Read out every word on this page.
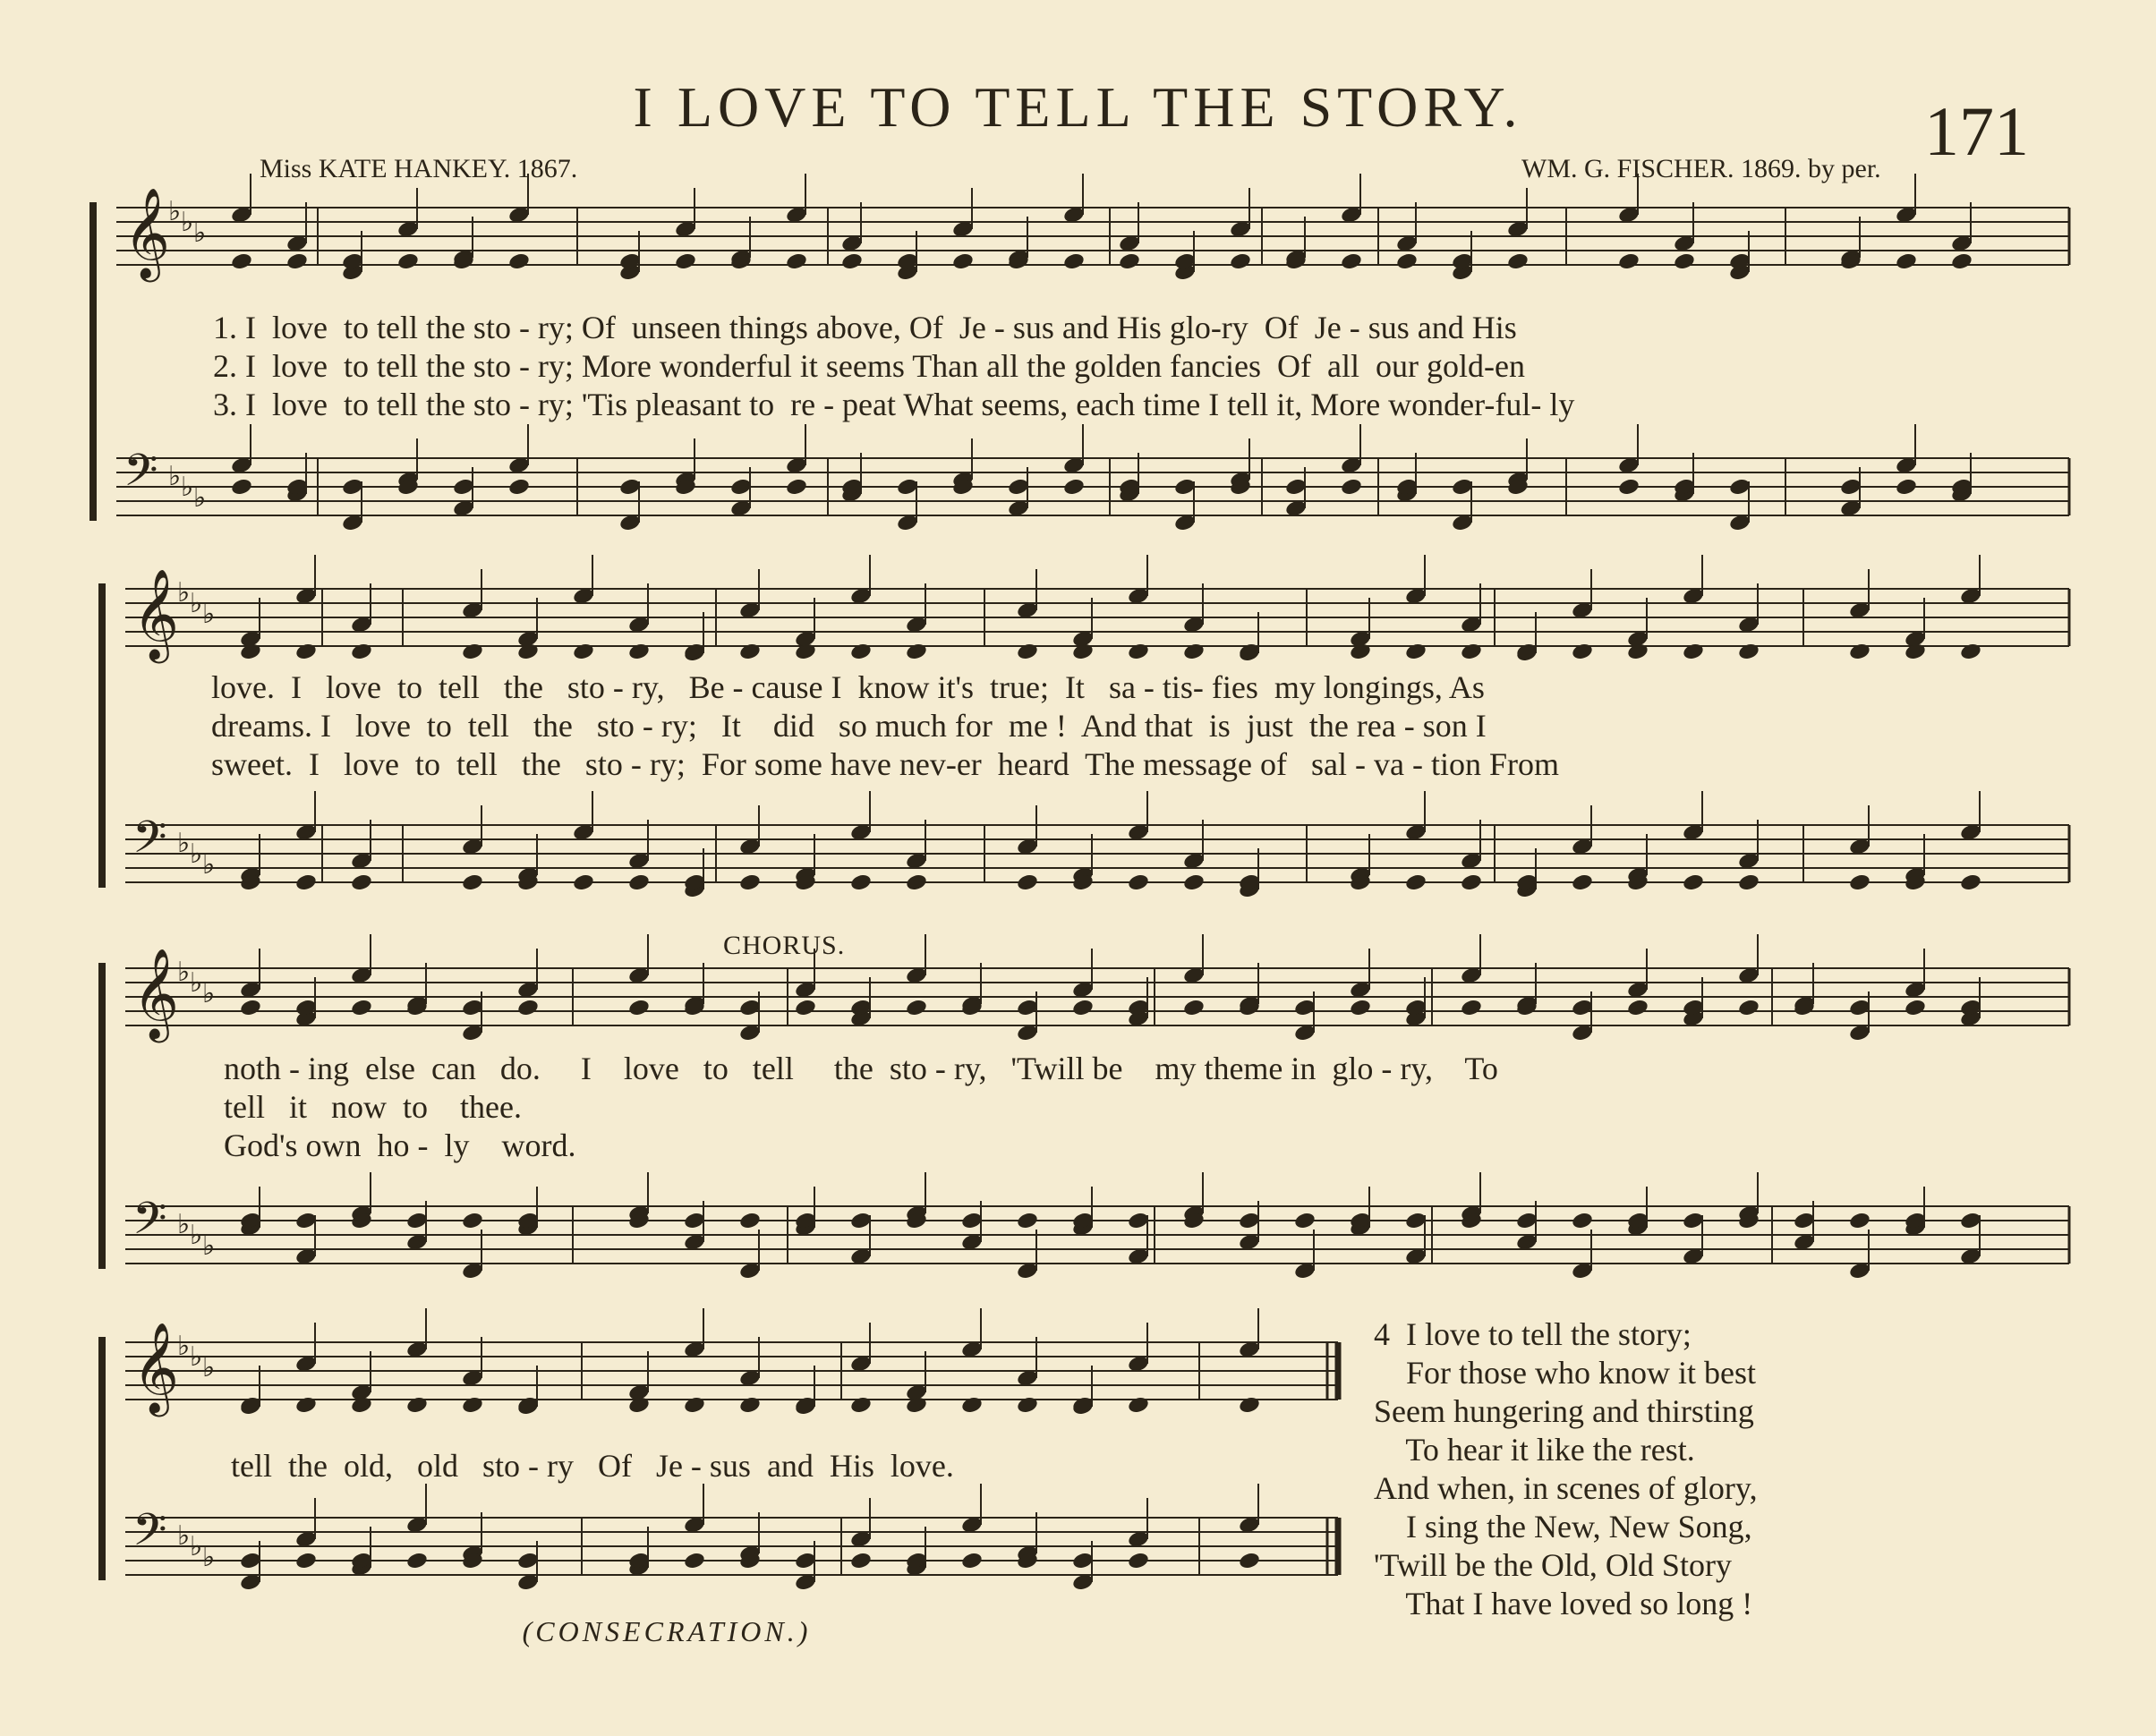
I LOVE TO TELL THE STORY.	171
Miss KATE HANKEY. 1867.	WM. G. FISCHER. 1869. by per.
𝄞
♭ ♭ ♭
𝄢 ♭ ♭ ♭
𝄞
♭ ♭ ♭
𝄢 ♭ ♭ ♭
𝄞
♭ ♭ ♭
𝄢 ♭ ♭ ♭
𝄞
♭ ♭ ♭
𝄢 ♭ ♭ ♭
1. I  love  to tell the sto - ry; Of  unseen things above, Of  Je - sus and His glo-ry  Of  Je - sus and His
2. I  love  to tell the sto - ry; More wonderful it seems Than all the golden fancies  Of  all  our gold-en
3. I  love  to tell the sto - ry; 'Tis pleasant to  re - peat What seems, each time I tell it, More wonder-ful- ly
love.  I   love  to  tell   the   sto - ry,   Be - cause I  know it's  true;  It   sa - tis- fies  my longings, As
dreams. I   love  to  tell   the   sto - ry;   It    did   so much for  me !  And that  is  just  the rea - son I
sweet.  I   love  to  tell   the   sto - ry;  For some have nev-er  heard  The message of   sal - va - tion From
CHORUS.
noth - ing  else  can   do.     I    love   to   tell     the  sto - ry,   'Twill be    my theme in  glo - ry,    To
tell   it   now  to    thee.
God's own  ho -  ly    word.
tell  the  old,   old   sto - ry   Of   Je - sus  and  His  love.
4  I love to tell the story;
For those who know it best
Seem hungering and thirsting
To hear it like the rest.
And when, in scenes of glory,
I sing the New, New Song,
'Twill be the Old, Old Story
That I have loved so long !
(CONSECRATION.)
